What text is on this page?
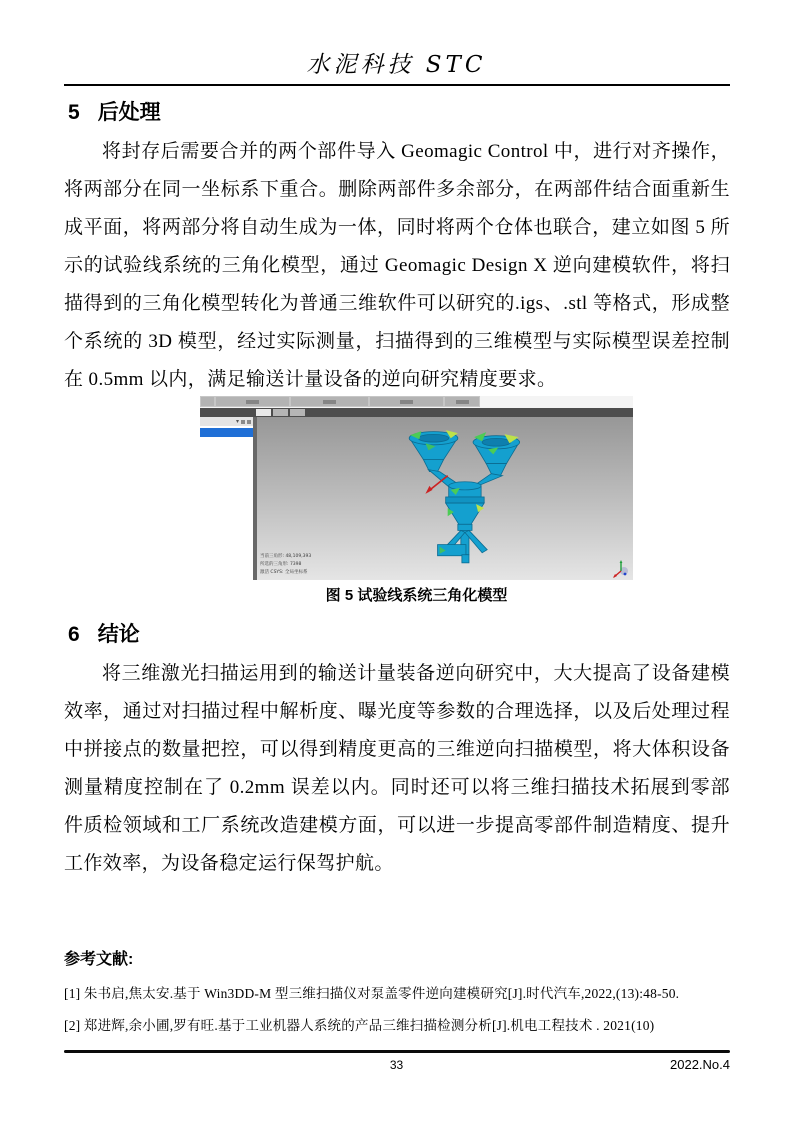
水泥科技 STC
5 后处理
将封存后需要合并的两个部件导入 Geomagic Control 中，进行对齐操作，将两部分在同一坐标系下重合。删除两部件多余部分，在两部件结合面重新生成平面，将两部分将自动生成为一体，同时将两个仓体也联合，建立如图 5 所示的试验线系统的三角化模型，通过 Geomagic Design X 逆向建模软件，将扫描得到的三角化模型转化为普通三维软件可以研究的.igs、.stl 等格式，形成整个系统的 3D 模型，经过实际测量，扫描得到的三维模型与实际模型误差控制在 0.5mm 以内，满足输送计量设备的逆向研究精度要求。
▾
当前三角形: 48,109,393
所选的三角形: 7398
激活 CSYS: 全局坐标系
图 5 试验线系统三角化模型
6 结论
将三维激光扫描运用到的输送计量装备逆向研究中，大大提高了设备建模效率，通过对扫描过程中解析度、曝光度等参数的合理选择，以及后处理过程中拼接点的数量把控，可以得到精度更高的三维逆向扫描模型，将大体积设备测量精度控制在了 0.2mm 误差以内。同时还可以将三维扫描技术拓展到零部件质检领域和工厂系统改造建模方面，可以进一步提高零部件制造精度、提升工作效率，为设备稳定运行保驾护航。
参考文献:
[1] 朱书启,焦太安.基于 Win3DD-M 型三维扫描仪对泵盖零件逆向建模研究[J].时代汽车,2022,(13):48-50.
[2] 郑进辉,余小圃,罗有旺.基于工业机器人系统的产品三维扫描检测分析[J].机电工程技术 . 2021(10)
33	2022.No.4
